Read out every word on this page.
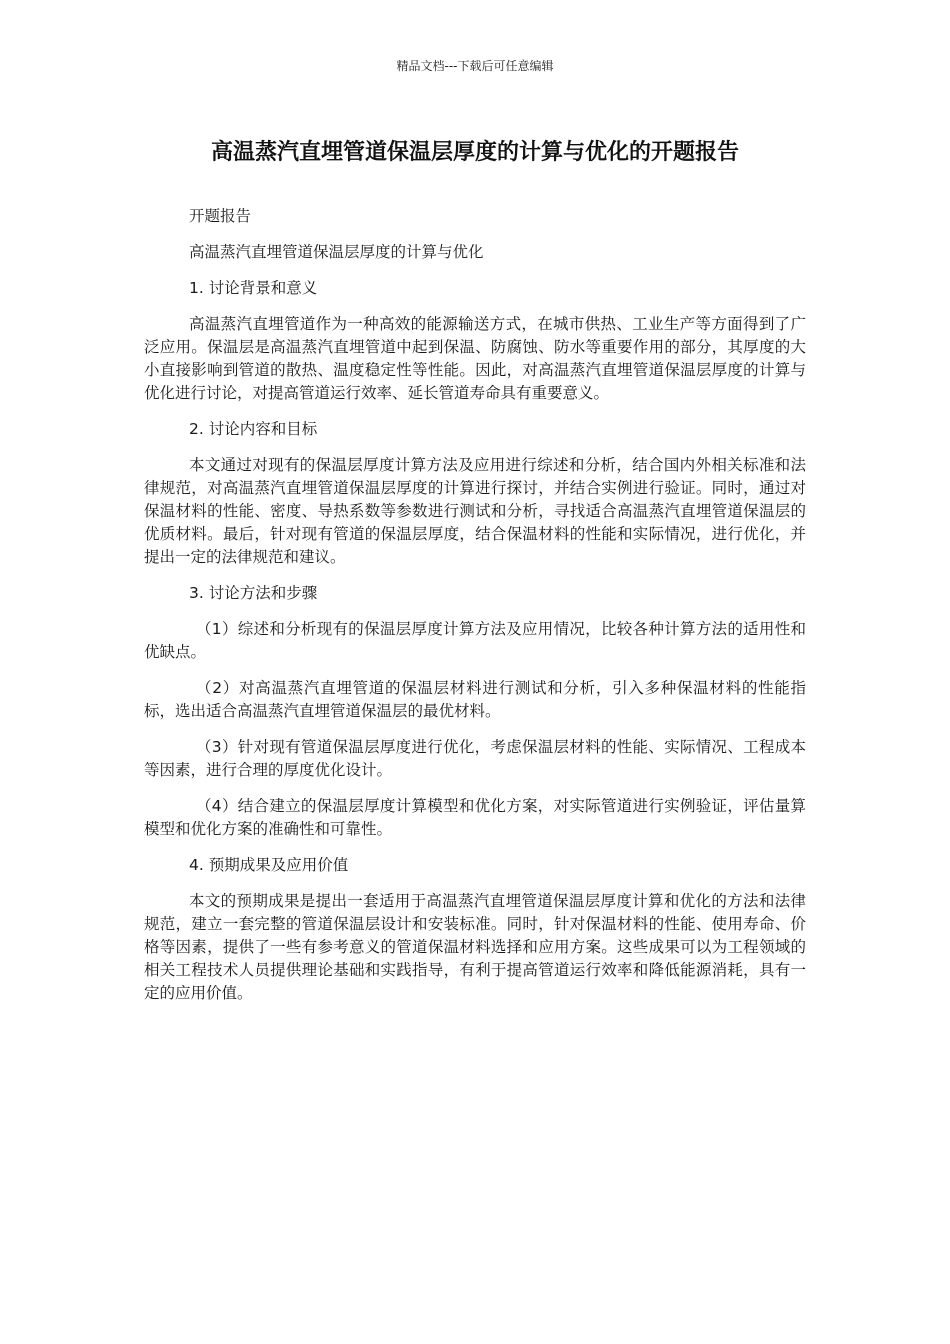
精品文档---下载后可任意编辑
高温蒸汽直埋管道保温层厚度的计算与优化的开题报告

开题报告

高温蒸汽直埋管道保温层厚度的计算与优化

1. 讨论背景和意义

高温蒸汽直埋管道作为一种高效的能源输送方式，在城市供热、工业生产等方面得到了广泛应用。保温层是高温蒸汽直埋管道中起到保温、防腐蚀、防水等重要作用的部分，其厚度的大小直接影响到管道的散热、温度稳定性等性能。因此，对高温蒸汽直埋管道保温层厚度的计算与优化进行讨论，对提高管道运行效率、延长管道寿命具有重要意义。

2. 讨论内容和目标

本文通过对现有的保温层厚度计算方法及应用进行综述和分析，结合国内外相关标准和法律规范，对高温蒸汽直埋管道保温层厚度的计算进行探讨，并结合实例进行验证。同时，通过对保温材料的性能、密度、导热系数等参数进行测试和分析，寻找适合高温蒸汽直埋管道保温层的优质材料。最后，针对现有管道的保温层厚度，结合保温材料的性能和实际情况，进行优化，并提出一定的法律规范和建议。

3. 讨论方法和步骤

（1）综述和分析现有的保温层厚度计算方法及应用情况，比较各种计算方法的适用性和优缺点。

（2）对高温蒸汽直埋管道的保温层材料进行测试和分析，引入多种保温材料的性能指标，选出适合高温蒸汽直埋管道保温层的最优材料。

（3）针对现有管道保温层厚度进行优化，考虑保温层材料的性能、实际情况、工程成本等因素，进行合理的厚度优化设计。

（4）结合建立的保温层厚度计算模型和优化方案，对实际管道进行实例验证，评估量算模型和优化方案的准确性和可靠性。

4. 预期成果及应用价值

本文的预期成果是提出一套适用于高温蒸汽直埋管道保温层厚度计算和优化的方法和法律规范，建立一套完整的管道保温层设计和安装标准。同时，针对保温材料的性能、使用寿命、价格等因素，提供了一些有参考意义的管道保温材料选择和应用方案。这些成果可以为工程领域的相关工程技术人员提供理论基础和实践指导，有利于提高管道运行效率和降低能源消耗，具有一定的应用价值。
